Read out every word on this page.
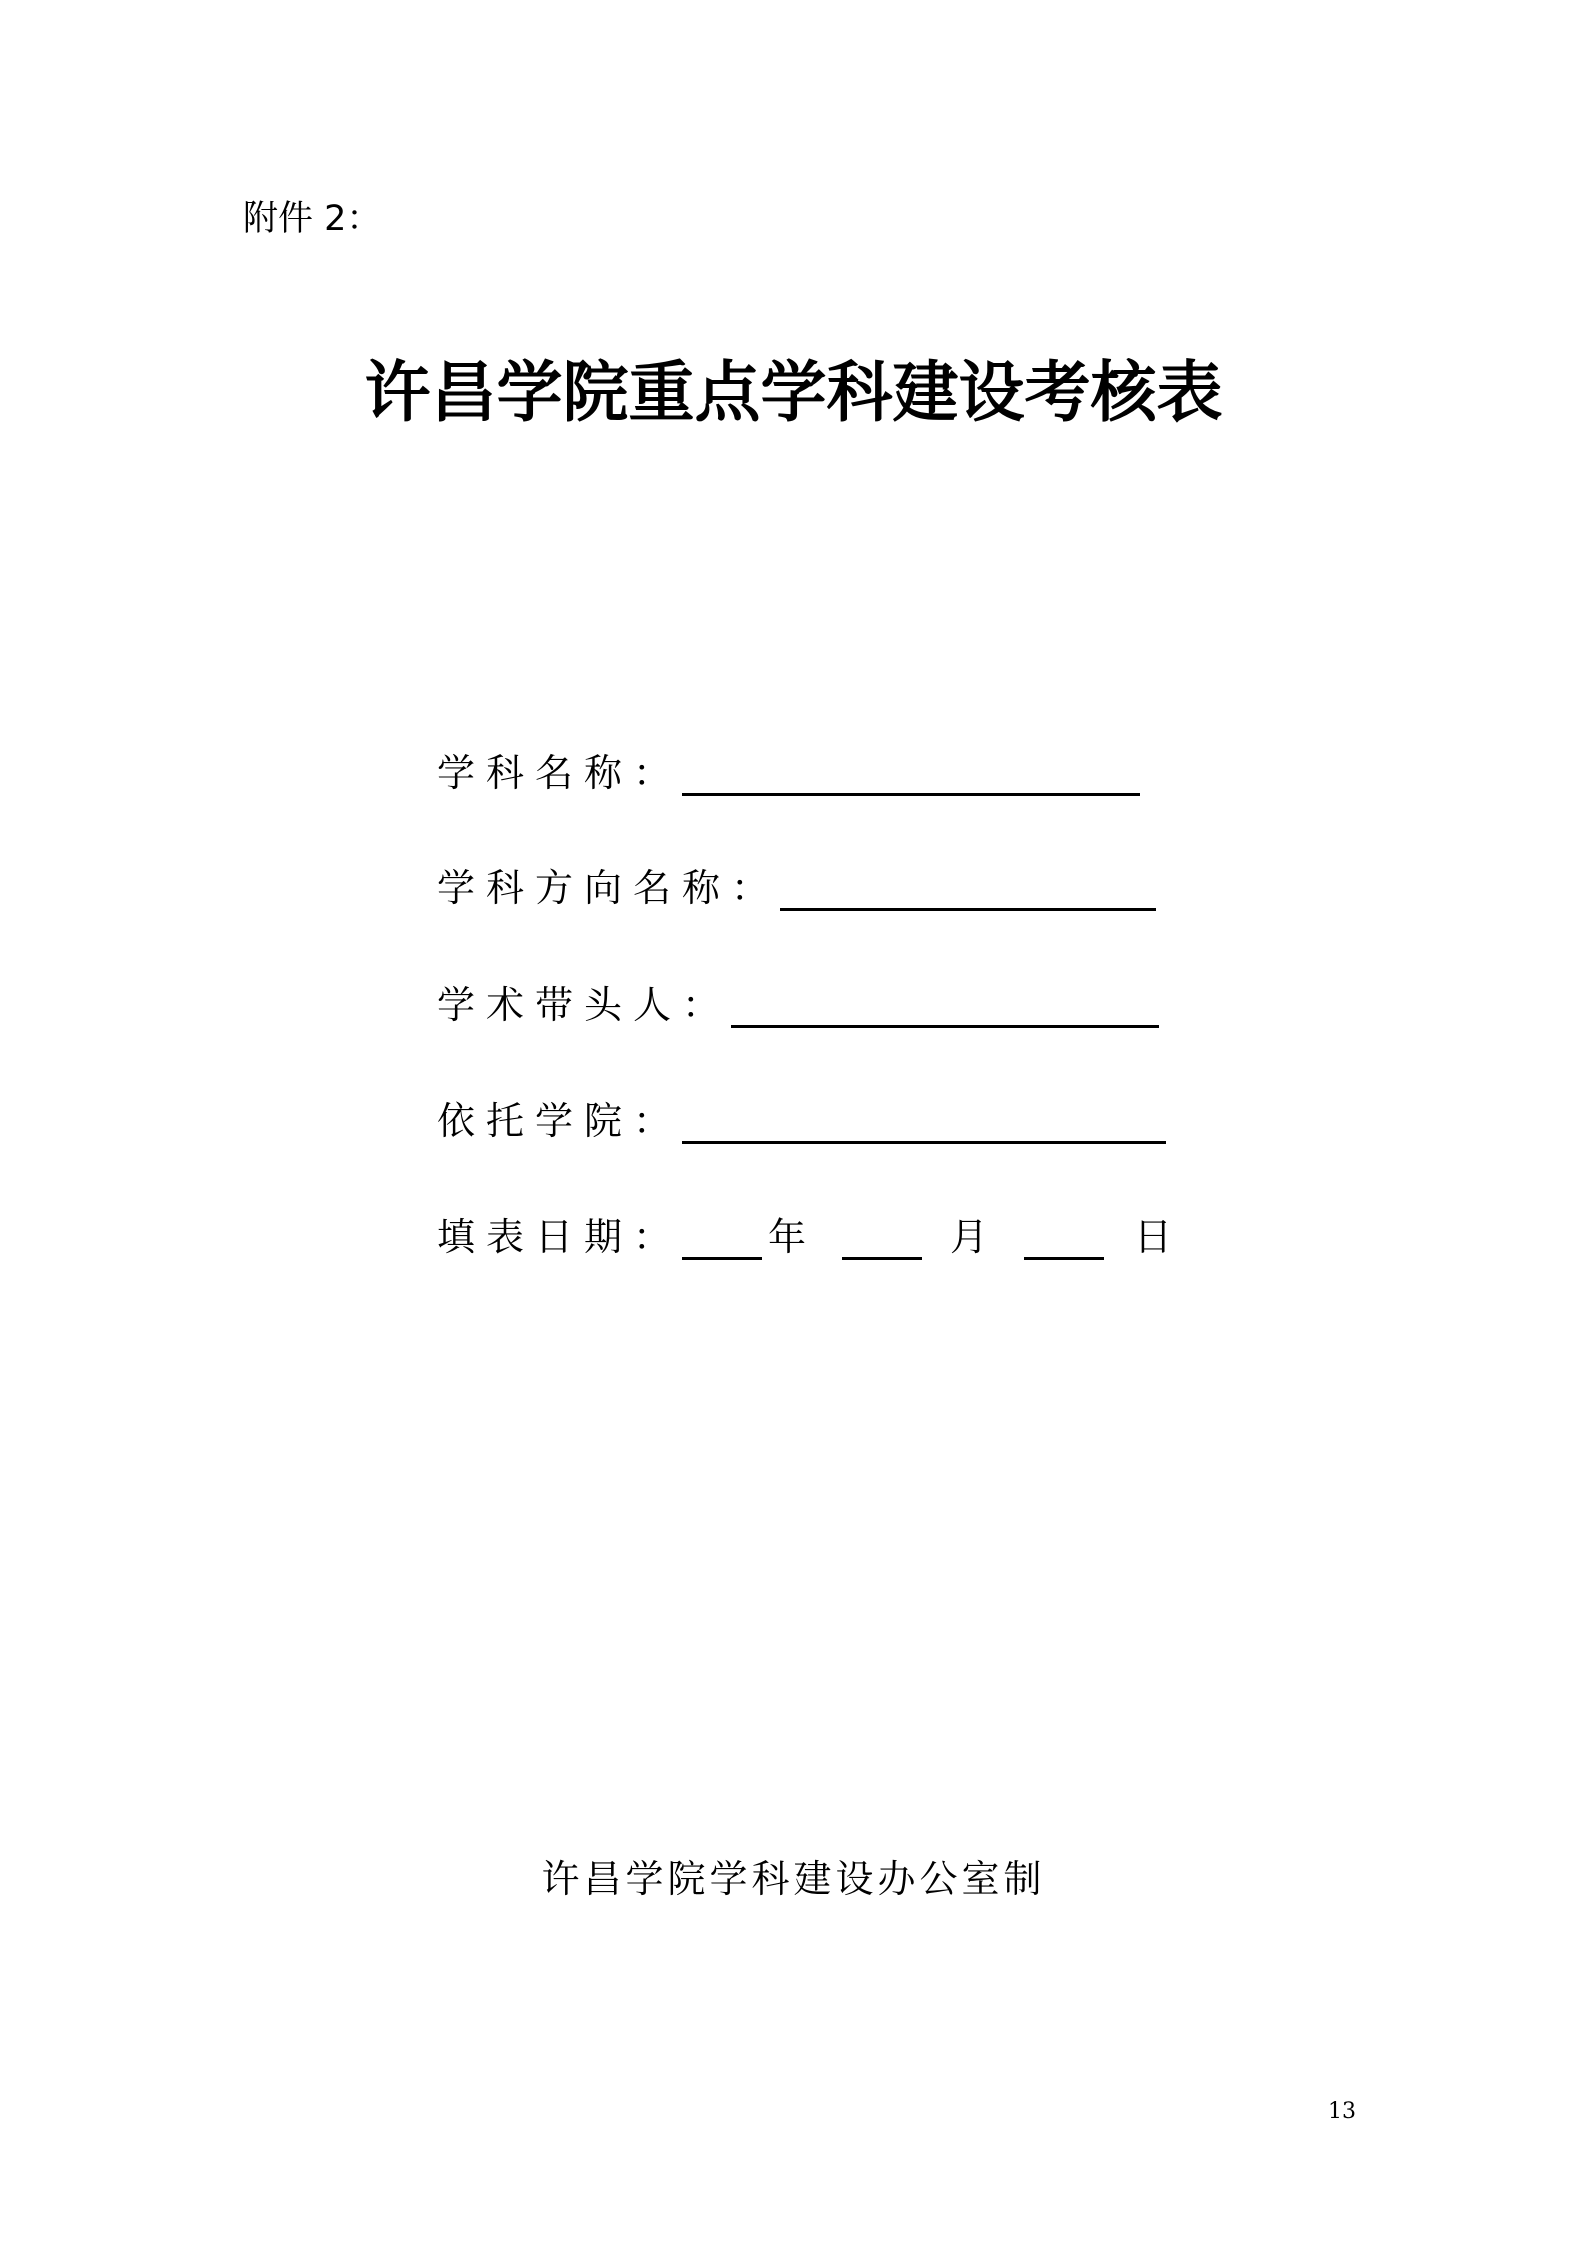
附件 2：
许昌学院重点学科建设考核表
学科名称：
学科方向名称：
学术带头人：
依托学院：
填表日期： 年	月	日
许昌学院学科建设办公室制
13
